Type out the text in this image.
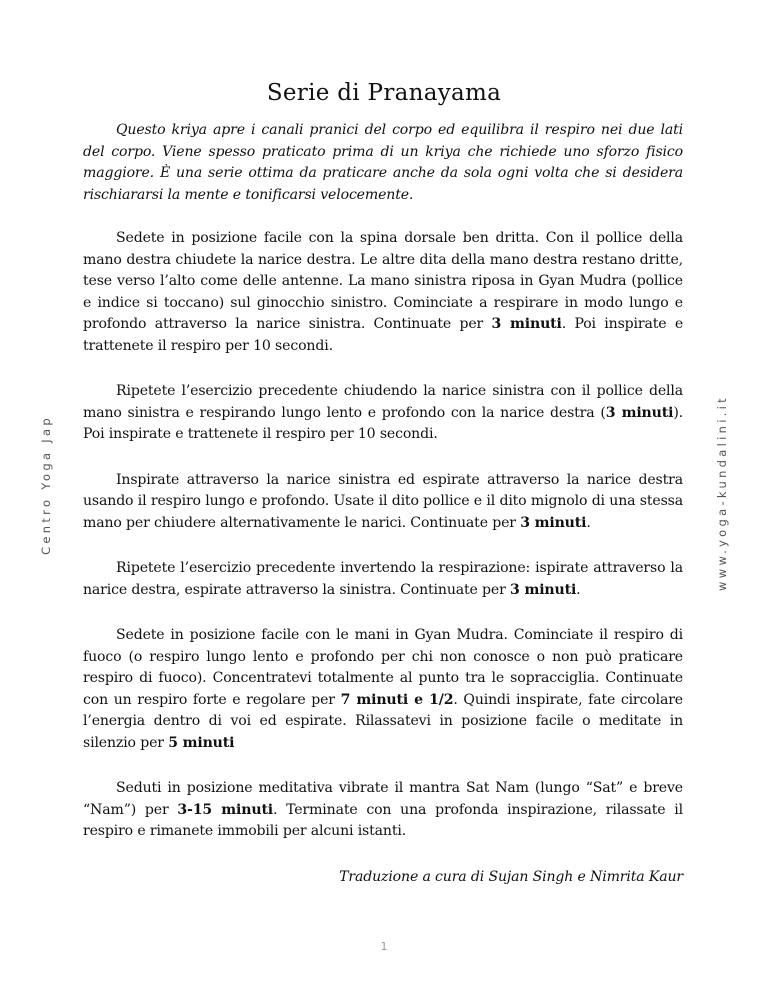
Centro Yoga Jap	www.yoga-kundalini.it
Serie di Pranayama

Questo kriya apre i canali pranici del corpo ed equilibra il respiro nei due lati del corpo. Viene spesso praticato prima di un kriya che richiede uno sforzo fisico maggiore. È una serie ottima da praticare anche da sola ogni volta che si desidera rischiararsi la mente e tonificarsi velocemente.

Sedete in posizione facile con la spina dorsale ben dritta. Con il pollice della mano destra chiudete la narice destra. Le altre dita della mano destra restano dritte, tese verso l’alto come delle antenne. La mano sinistra riposa in Gyan Mudra (pollice e indice si toccano) sul ginocchio sinistro. Cominciate a respirare in modo lungo e profondo attraverso la narice sinistra. Continuate per 3 minuti. Poi inspirate e trattenete il respiro per 10 secondi.

Ripetete l’esercizio precedente chiudendo la narice sinistra con il pollice della mano sinistra e respirando lungo lento e profondo con la narice destra (3 minuti). Poi inspirate e trattenete il respiro per 10 secondi.

Inspirate attraverso la narice sinistra ed espirate attraverso la narice destra usando il respiro lungo e profondo. Usate il dito pollice e il dito mignolo di una stessa mano per chiudere alternativamente le narici. Continuate per 3 minuti.

Ripetete l’esercizio precedente invertendo la respirazione: ispirate attraverso la narice destra, espirate attraverso la sinistra. Continuate per 3 minuti.

Sedete in posizione facile con le mani in Gyan Mudra. Cominciate il respiro di fuoco (o respiro lungo lento e profondo per chi non conosce o non può praticare respiro di fuoco). Concentratevi totalmente al punto tra le sopracciglia. Continuate con un respiro forte e regolare per 7 minuti e 1/2. Quindi inspirate, fate circolare l’energia dentro di voi ed espirate. Rilassatevi in posizione facile o meditate in silenzio per 5 minuti

Seduti in posizione meditativa vibrate il mantra Sat Nam (lungo “Sat” e breve “Nam”) per 3-15 minuti. Terminate con una profonda inspirazione, rilassate il respiro e rimanete immobili per alcuni istanti.

Traduzione a cura di Sujan Singh e Nimrita Kaur

1
